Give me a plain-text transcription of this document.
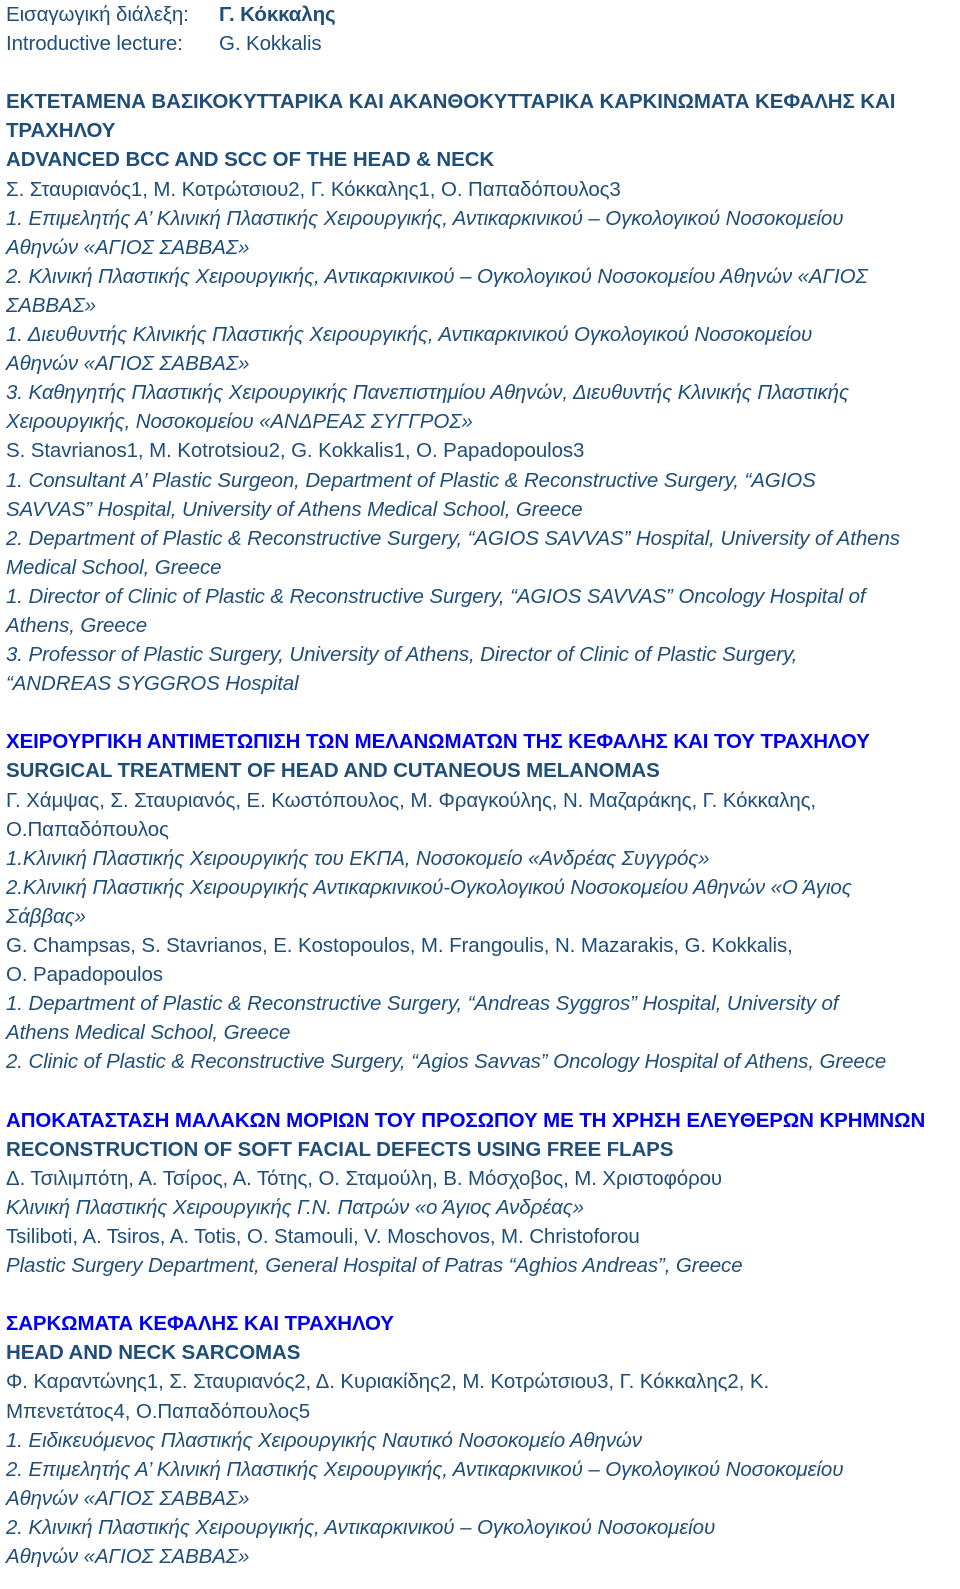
Εισαγωγική διάλεξη: Γ. Κόκκαλης
Introductive lecture: G. Kokkalis
ΕΚΤΕΤΑΜΕΝΑ ΒΑΣΙΚΟΚΥΤΤΑΡΙΚΑ ΚΑΙ ΑΚΑΝΘΟΚΥΤΤΑΡΙΚΑ ΚΑΡΚΙΝΩΜΑΤΑ ΚΕΦΑΛΗΣ ΚΑΙ
ΤΡΑΧΗΛΟΥ
ADVANCED BCC AND SCC OF THE HEAD & NECK
Σ. Σταυριανός1, Μ. Κοτρώτσιου2, Γ. Κόκκαλης1, Ο. Παπαδόπουλος3
1. Επιμελητής Α’ Κλινική Πλαστικής Χειρουργικής, Αντικαρκινικού – Ογκολογικού Νοσοκομείου
Αθηνών «ΑΓΙΟΣ ΣΑΒΒΑΣ»
2. Κλινική Πλαστικής Χειρουργικής, Αντικαρκινικού – Ογκολογικού Νοσοκομείου Αθηνών «ΑΓΙΟΣ
ΣΑΒΒΑΣ»
1. Διευθυντής Κλινικής Πλαστικής Χειρουργικής, Αντικαρκινικού Ογκολογικού Νοσοκομείου
Αθηνών «ΑΓΙΟΣ ΣΑΒΒΑΣ»
3. Καθηγητής Πλαστικής Χειρουργικής Πανεπιστημίου Αθηνών, Διευθυντής Κλινικής Πλαστικής
Χειρουργικής, Νοσοκομείου «ΑΝΔΡΕΑΣ ΣΥΓΓΡΟΣ»
S. Stavrianos1, M. Kotrotsiou2, G. Kokkalis1, O. Papadopoulos3
1. Consultant A’ Plastic Surgeon, Department of Plastic & Reconstructive Surgery, “AGIOS
SAVVAS” Hospital, University of Athens Medical School, Greece
2. Department of Plastic & Reconstructive Surgery, “AGIOS SAVVAS” Hospital, University of Athens
Medical School, Greece
1. Director of Clinic of Plastic & Reconstructive Surgery, “AGIOS SAVVAS” Oncology Hospital of
Athens, Greece
3. Professor of Plastic Surgery, University of Athens, Director of Clinic of Plastic Surgery,
“ANDREAS SYGGROS Hospital
ΧΕΙΡΟΥΡΓΙΚΗ ΑΝΤΙΜΕΤΩΠΙΣΗ ΤΩΝ ΜΕΛΑΝΩΜΑΤΩΝ ΤΗΣ ΚΕΦΑΛΗΣ ΚΑΙ ΤΟΥ ΤΡΑΧΗΛΟΥ
SURGICAL TREATMENT OF HEAD AND CUTANEOUS MELANOMAS
Γ. Χάμψας, Σ. Σταυριανός, Ε. Κωστόπουλος, Μ. Φραγκούλης, Ν. Μαζαράκης, Γ. Κόκκαλης,
Ο.Παπαδόπουλος
1.Κλινική Πλαστικής Χειρουργικής του ΕΚΠΑ, Νοσοκομείο «Ανδρέας Συγγρός»
2.Κλινική Πλαστικής Χειρουργικής Αντικαρκινικού-Ογκολογικού Νοσοκομείου Αθηνών «Ο Άγιος
Σάββας»
G. Champsas, S. Stavrianos, E. Kostopoulos, M. Frangoulis, N. Mazarakis, G. Kokkalis,
O. Papadopoulos
1. Department of Plastic & Reconstructive Surgery, “Andreas Syggros” Hospital, University of
Athens Medical School, Greece
2. Clinic of Plastic & Reconstructive Surgery, “Agios Savvas” Oncology Hospital of Athens, Greece
ΑΠΟΚΑΤΑΣΤΑΣΗ ΜΑΛΑΚΩΝ ΜΟΡΙΩΝ ΤΟΥ ΠΡΟΣΩΠΟΥ ΜΕ ΤΗ ΧΡΗΣΗ ΕΛΕΥΘΕΡΩΝ ΚΡΗΜΝΩΝ
RECONSTRUCTION OF SOFT FACIAL DEFECTS USING FREE FLAPS
Δ. Τσιλιμπότη, Α. Τσίρος, Α. Τότης, Ο. Σταμούλη, Β. Μόσχοβος, Μ. Χριστοφόρου
Κλινική Πλαστικής Χειρουργικής Γ.Ν. Πατρών «ο Άγιος Ανδρέας»
Tsiliboti, A. Tsiros, A. Totis, O. Stamouli, V. Moschovos, M. Christoforou
Plastic Surgery Department, General Hospital of Patras “Aghios Andreas”, Greece
ΣΑΡΚΩΜΑΤΑ ΚΕΦΑΛΗΣ ΚΑΙ ΤΡΑΧΗΛΟΥ
HEAD AND NECK SARCOMAS
Φ. Καραντώνης1, Σ. Σταυριανός2, Δ. Κυριακίδης2, Μ. Κοτρώτσιου3, Γ. Κόκκαλης2, Κ.
Μπενετάτος4, Ο.Παπαδόπουλος5
1. Ειδικευόμενος Πλαστικής Χειρουργικής Ναυτικό Νοσοκομείο Αθηνών
2. Επιμελητής Α’ Κλινική Πλαστικής Χειρουργικής, Αντικαρκινικού – Ογκολογικού Νοσοκομείου
Αθηνών «ΑΓΙΟΣ ΣΑΒΒΑΣ»
2. Κλινική Πλαστικής Χειρουργικής, Αντικαρκινικού – Ογκολογικού Νοσοκομείου
Αθηνών «ΑΓΙΟΣ ΣΑΒΒΑΣ»
